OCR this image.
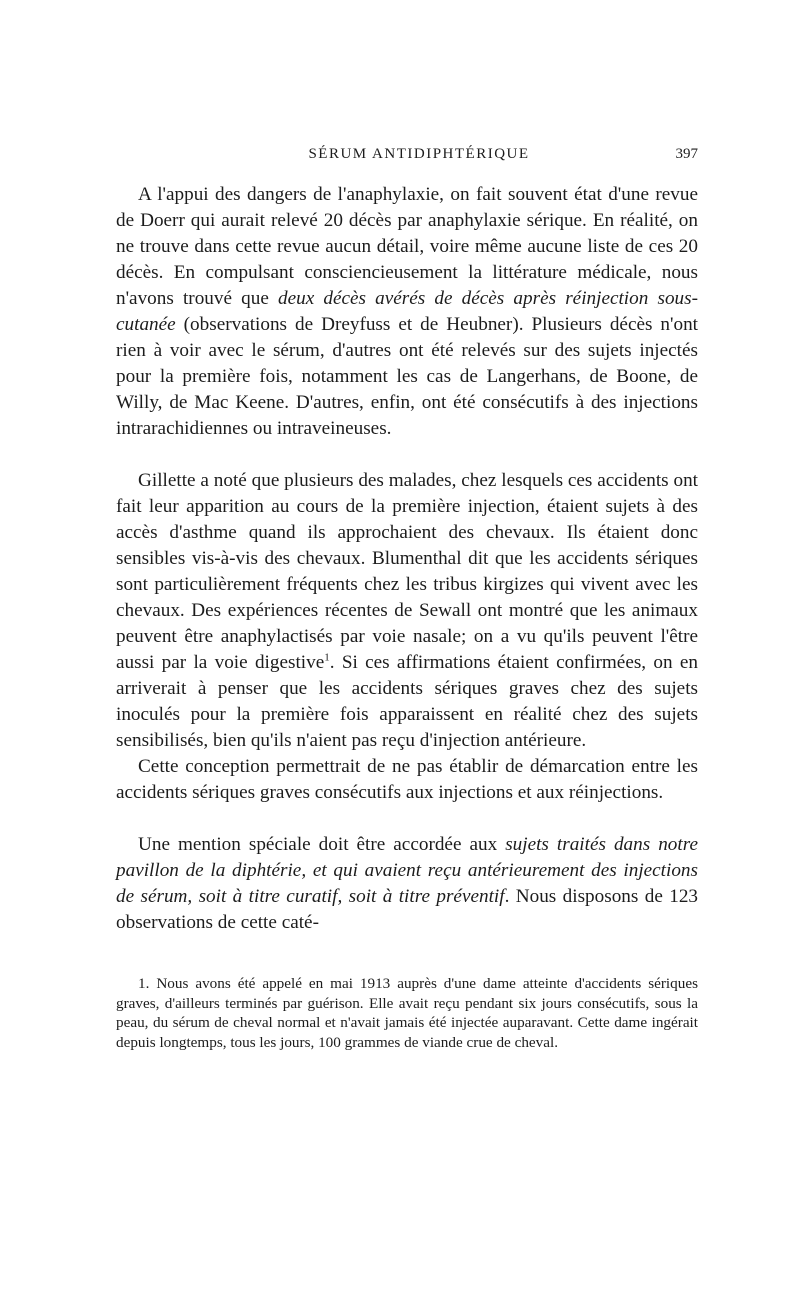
SÉRUM ANTIDIPHTÉRIQUE	397

A l'appui des dangers de l'anaphylaxie, on fait souvent état d'une revue de Doerr qui aurait relevé 20 décès par anaphylaxie sérique. En réalité, on ne trouve dans cette revue aucun détail, voire même aucune liste de ces 20 décès. En compulsant consciencieusement la littérature médicale, nous n'avons trouvé que deux décès avérés de décès après réinjection sous-cutanée (observations de Dreyfuss et de Heubner). Plusieurs décès n'ont rien à voir avec le sérum, d'autres ont été relevés sur des sujets injectés pour la première fois, notamment les cas de Langerhans, de Boone, de Willy, de Mac Keene. D'autres, enfin, ont été consécutifs à des injections intrarachidiennes ou intraveineuses.

Gillette a noté que plusieurs des malades, chez lesquels ces accidents ont fait leur apparition au cours de la première injection, étaient sujets à des accès d'asthme quand ils approchaient des chevaux. Ils étaient donc sensibles vis-à-vis des chevaux. Blumenthal dit que les accidents sériques sont particulièrement fréquents chez les tribus kirgizes qui vivent avec les chevaux. Des expériences récentes de Sewall ont montré que les animaux peuvent être anaphylactisés par voie nasale; on a vu qu'ils peuvent l'être aussi par la voie digestive$^1$. Si ces affirmations étaient confirmées, on en arriverait à penser que les accidents sériques graves chez des sujets inoculés pour la première fois apparaissent en réalité chez des sujets sensibilisés, bien qu'ils n'aient pas reçu d'injection antérieure.

Cette conception permettrait de ne pas établir de démarcation entre les accidents sériques graves consécutifs aux injections et aux réinjections.

Une mention spéciale doit être accordée aux sujets traités dans notre pavillon de la diphtérie, et qui avaient reçu antérieurement des injections de sérum, soit à titre curatif, soit à titre préventif. Nous disposons de 123 observations de cette caté-

1. Nous avons été appelé en mai 1913 auprès d'une dame atteinte d'accidents sériques graves, d'ailleurs terminés par guérison. Elle avait reçu pendant six jours consécutifs, sous la peau, du sérum de cheval normal et n'avait jamais été injectée auparavant. Cette dame ingérait depuis longtemps, tous les jours, 100 grammes de viande crue de cheval.
